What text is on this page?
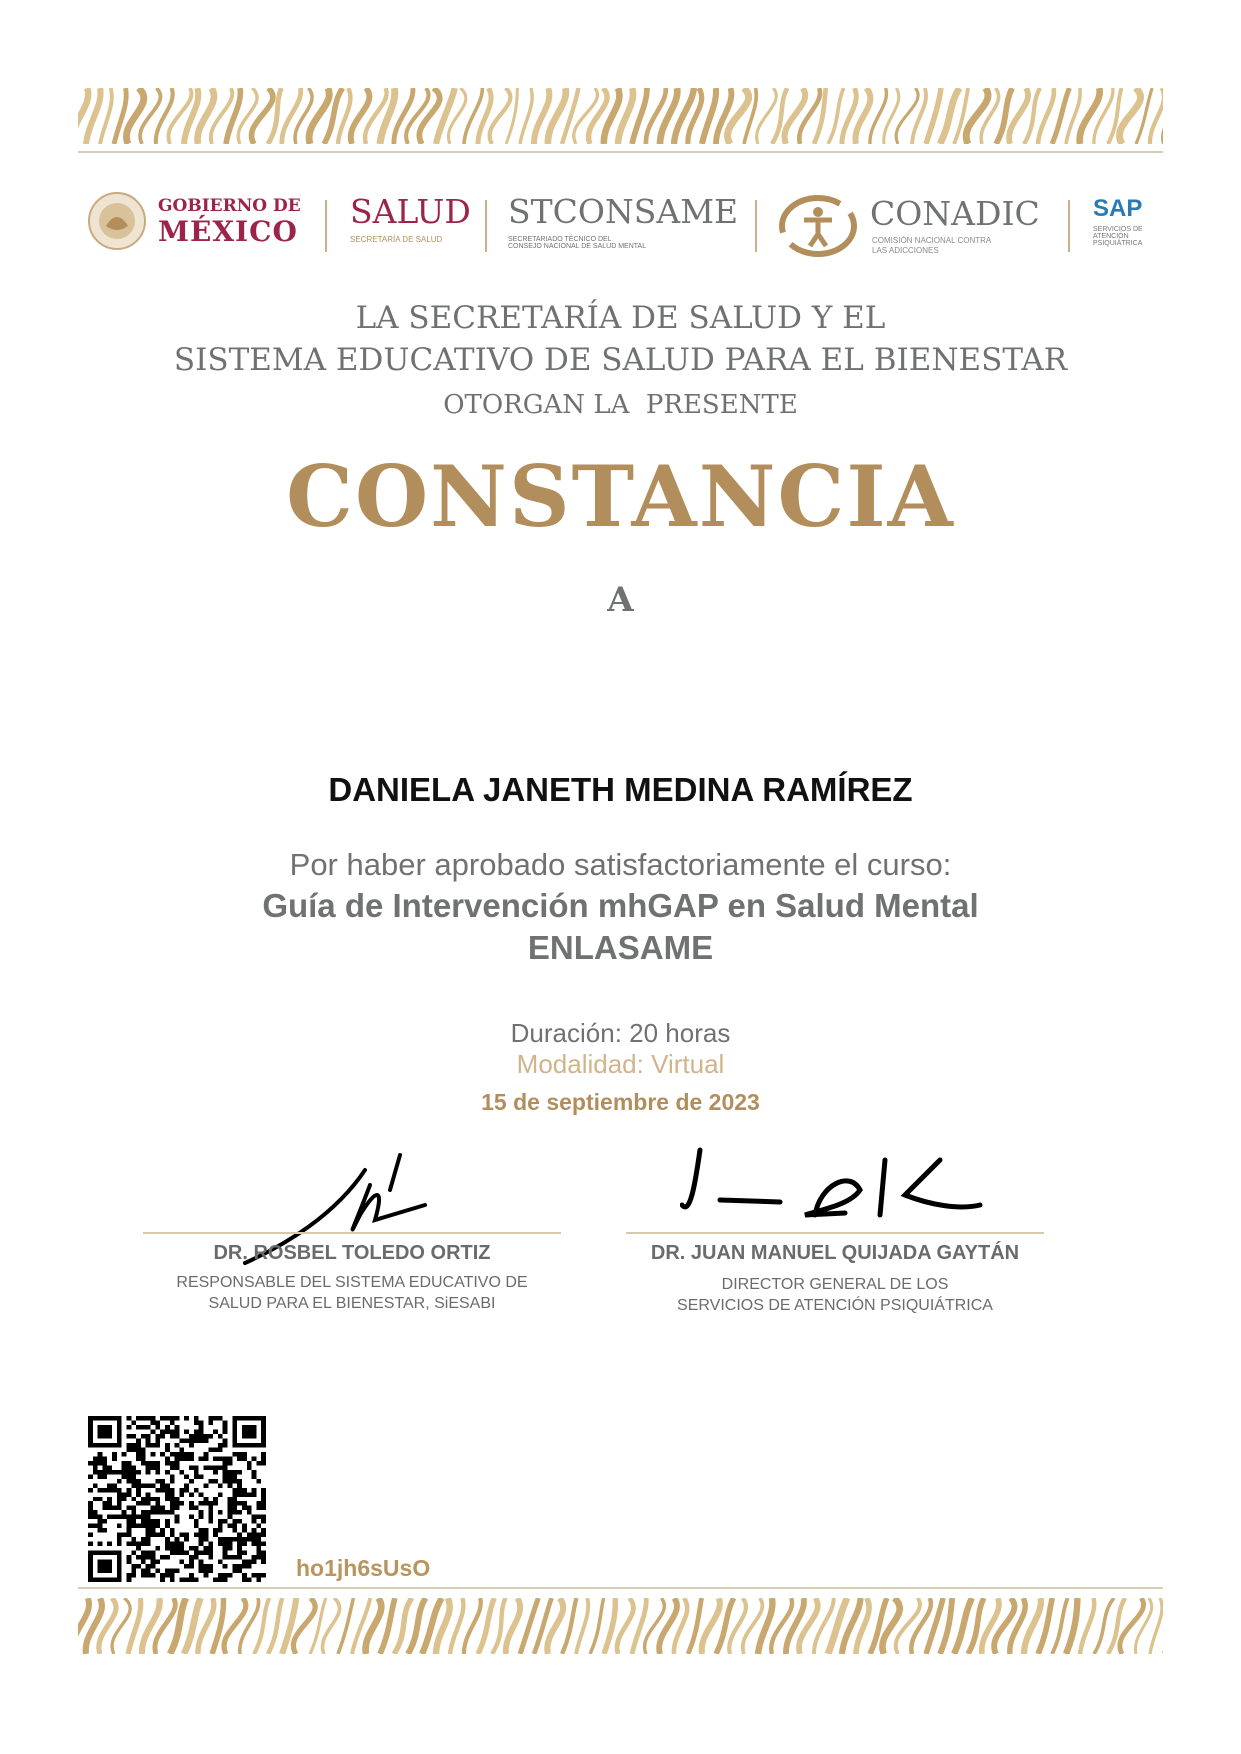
GOBIERNO DE
MÉXICO
SALUD
SECRETARÍA DE SALUD
STCONSAME
SECRETARIADO TÉCNICO DEL
CONSEJO NACIONAL DE SALUD MENTAL
CONADIC
COMISIÓN NACIONAL CONTRA
LAS ADICCIONES
SAP
SERVICIOS DE
ATENCIÓN
PSIQUIÁTRICA
LA SECRETARÍA DE SALUD Y EL
SISTEMA EDUCATIVO DE SALUD PARA EL BIENESTAR
OTORGAN LA  PRESENTE
CONSTANCIA
A
DANIELA JANETH MEDINA RAMÍREZ
Por haber aprobado satisfactoriamente el curso:
Guía de Intervención mhGAP en Salud Mental
ENLASAME
Duración: 20 horas
Modalidad: Virtual
15 de septiembre de 2023
DR. ROSBEL TOLEDO ORTIZ
RESPONSABLE DEL SISTEMA EDUCATIVO DE
SALUD PARA EL BIENESTAR, SiESABI
DR. JUAN MANUEL QUIJADA GAYTÁN
DIRECTOR GENERAL DE LOS
SERVICIOS DE ATENCIÓN PSIQUIÁTRICA
ho1jh6sUsO
